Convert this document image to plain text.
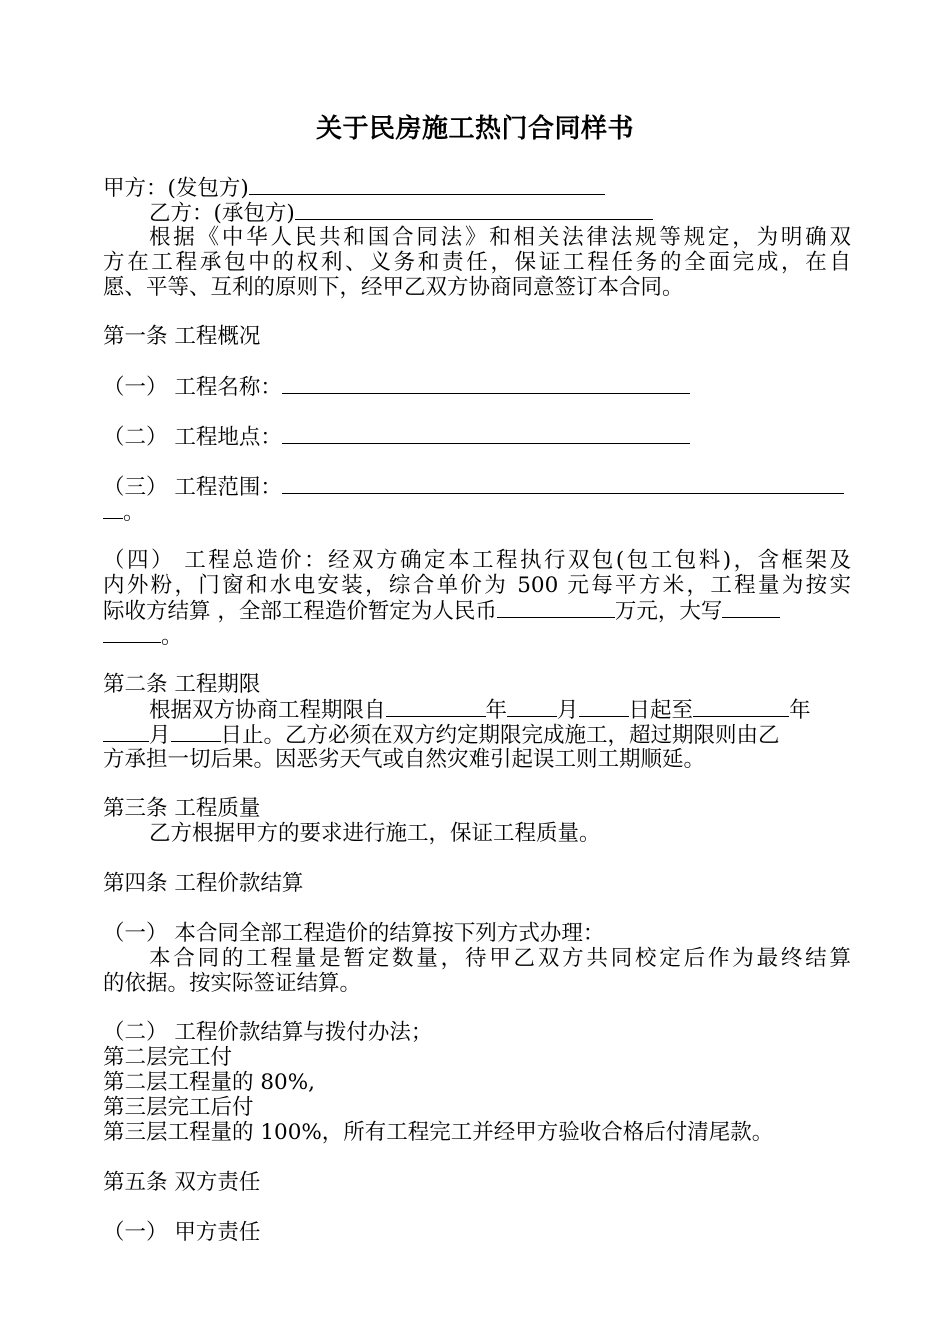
关于民房施工热门合同样书
甲方：(发包方)
乙方：(承包方)
根据《中华人民共和国合同法》和相关法律法规等规定，为明确双
方在工程承包中的权利、义务和责任，保证工程任务的全面完成，在自
愿、平等、互利的原则下，经甲乙双方协商同意签订本合同。
第一条 工程概况
（一） 工程名称：
（二） 工程地点：
（三） 工程范围：
。
（四） 工程总造价：经双方确定本工程执行双包(包工包料)，含框架及
内外粉，门窗和水电安装，综合单价为 500 元每平方米，工程量为按实
际收方结算 ，全部工程造价暂定为人民币	万元，大写
。
第二条 工程期限
根据双方协商工程期限自	年 月 日起至	年
月 日止。乙方必须在双方约定期限完成施工，超过期限则由乙
方承担一切后果。因恶劣天气或自然灾难引起误工则工期顺延。
第三条 工程质量
乙方根据甲方的要求进行施工，保证工程质量。
第四条 工程价款结算
（一） 本合同全部工程造价的结算按下列方式办理：
本合同的工程量是暂定数量，待甲乙双方共同校定后作为最终结算
的依据。按实际签证结算。
（二） 工程价款结算与拨付办法；
第二层完工付
第二层工程量的 80%,
第三层完工后付
第三层工程量的 100%，所有工程完工并经甲方验收合格后付清尾款。
第五条 双方责任
（一） 甲方责任
